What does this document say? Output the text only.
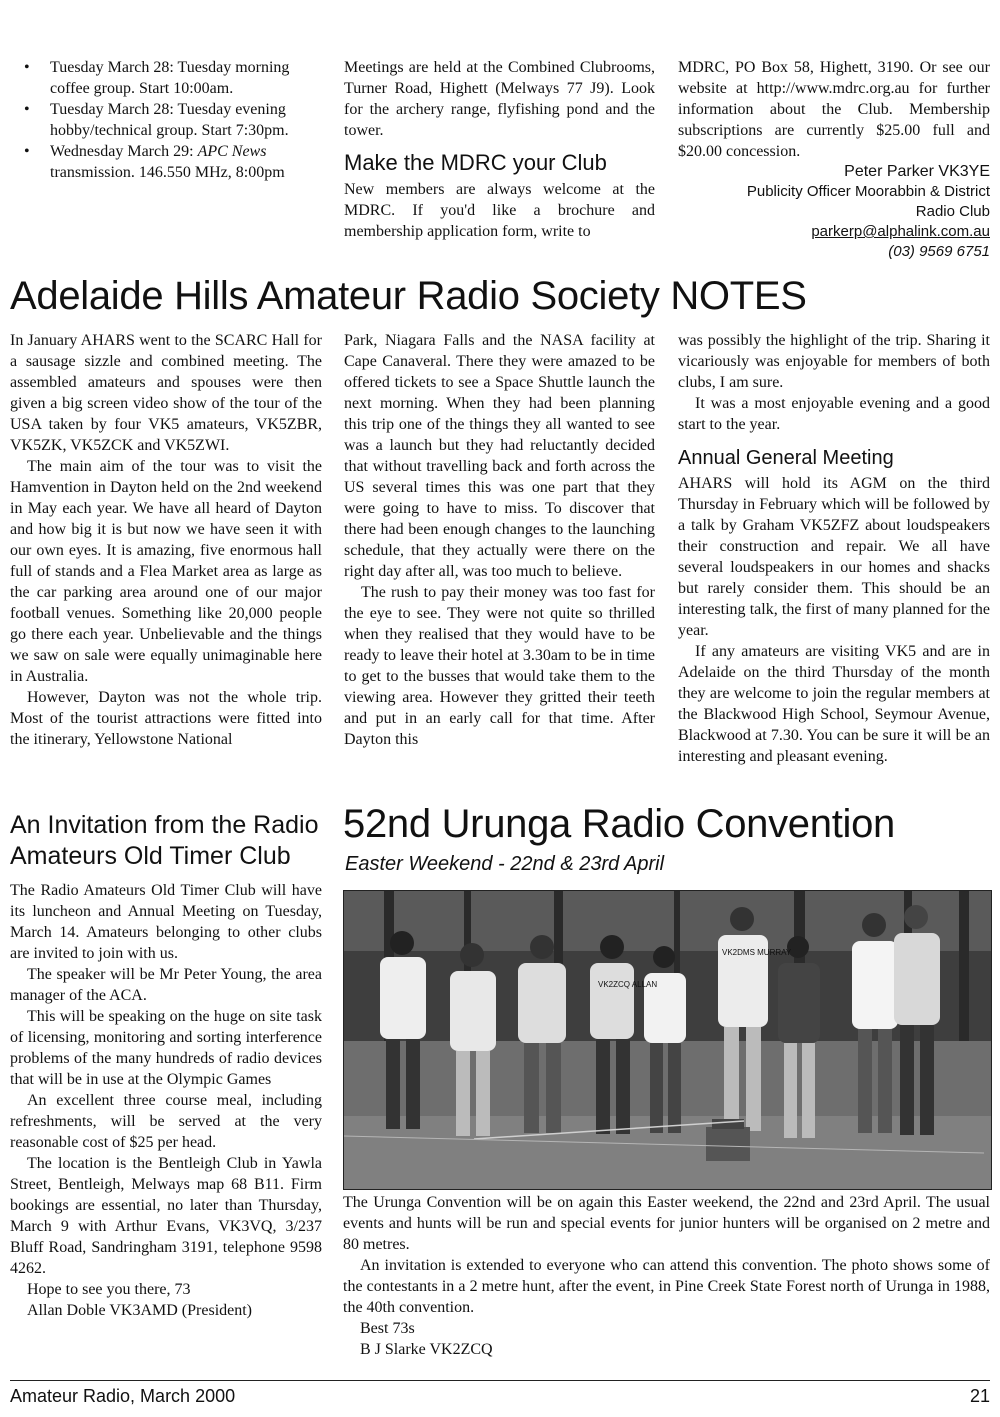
• Tuesday March 28: Tuesday morning coffee group. Start 10:00am.
• Tuesday March 28: Tuesday evening hobby/technical group. Start 7:30pm.
• Wednesday March 29: APC News transmission. 146.550 MHz, 8:00pm

Meetings are held at the Combined Clubrooms, Turner Road, Highett (Melways 77 J9). Look for the archery range, flyfishing pond and the tower.

Make the MDRC your Club

New members are always welcome at the MDRC. If you'd like a brochure and membership application form, write to

MDRC, PO Box 58, Highett, 3190. Or see our website at http://www.mdrc.org.au for further information about the Club. Membership subscriptions are currently $25.00 full and $20.00 concession.

Peter Parker VK3YE
Publicity Officer Moorabbin & District Radio Club
parkerp@alphalink.com.au
(03) 9569 6751
Adelaide Hills Amateur Radio Society NOTES

In January AHARS went to the SCARC Hall for a sausage sizzle and combined meeting. The assembled amateurs and spouses were then given a big screen video show of the tour of the USA taken by four VK5 amateurs, VK5ZBR, VK5ZK, VK5ZCK and VK5ZWI.

The main aim of the tour was to visit the Hamvention in Dayton held on the 2nd weekend in May each year. We have all heard of Dayton and how big it is but now we have seen it with our own eyes. It is amazing, five enormous hall full of stands and a Flea Market area as large as the car parking area around one of our major football venues. Something like 20,000 people go there each year. Unbelievable and the things we saw on sale were equally unimaginable here in Australia.

However, Dayton was not the whole trip. Most of the tourist attractions were fitted into the itinerary, Yellowstone National

Park, Niagara Falls and the NASA facility at Cape Canaveral. There they were amazed to be offered tickets to see a Space Shuttle launch the next morning. When they had been planning this trip one of the things they all wanted to see was a launch but they had reluctantly decided that without travelling back and forth across the US several times this was one part that they were going to have to miss. To discover that there had been enough changes to the launching schedule, that they actually were there on the right day after all, was too much to believe.

The rush to pay their money was too fast for the eye to see. They were not quite so thrilled when they realised that they would have to be ready to leave their hotel at 3.30am to be in time to get to the busses that would take them to the viewing area. However they gritted their teeth and put in an early call for that time. After Dayton this

was possibly the highlight of the trip. Sharing it vicariously was enjoyable for members of both clubs, I am sure.

It was a most enjoyable evening and a good start to the year.

Annual General Meeting

AHARS will hold its AGM on the third Thursday in February which will be followed by a talk by Graham VK5ZFZ about loudspeakers their construction and repair. We all have several loudspeakers in our homes and shacks but rarely consider them. This should be an interesting talk, the first of many planned for the year.

If any amateurs are visiting VK5 and are in Adelaide on the third Thursday of the month they are welcome to join the regular members at the Blackwood High School, Seymour Avenue, Blackwood at 7.30. You can be sure it will be an interesting and pleasant evening.

An Invitation from the Radio Amateurs Old Timer Club

The Radio Amateurs Old Timer Club will have its luncheon and Annual Meeting on Tuesday, March 14. Amateurs belonging to other clubs are invited to join with us.

The speaker will be Mr Peter Young, the area manager of the ACA.

This will be speaking on the huge on site task of licensing, monitoring and sorting interference problems of the many hundreds of radio devices that will be in use at the Olympic Games

An excellent three course meal, including refreshments, will be served at the very reasonable cost of $25 per head.

The location is the Bentleigh Club in Yawla Street, Bentleigh, Melways map 68 B11. Firm bookings are essential, no later than Thursday, March 9 with Arthur Evans, VK3VQ, 3/237 Bluff Road, Sandringham 3191, telephone 9598 4262.

Hope to see you there, 73

Allan Doble VK3AMD (President)

52nd Urunga Radio Convention
Easter Weekend - 22nd & 23rd April
VK2ZCQ ALLAN
VK2DMS MURRAY

The Urunga Convention will be on again this Easter weekend, the 22nd and 23rd April. The usual events and hunts will be run and special events for junior hunters will be organised on 2 metre and 80 metres.

An invitation is extended to everyone who can attend this convention. The photo shows some of the contestants in a 2 metre hunt, after the event, in Pine Creek State Forest north of Urunga in 1988, the 40th convention.

Best 73s

B J Slarke VK2ZCQ

Amateur Radio, March 2000	21
